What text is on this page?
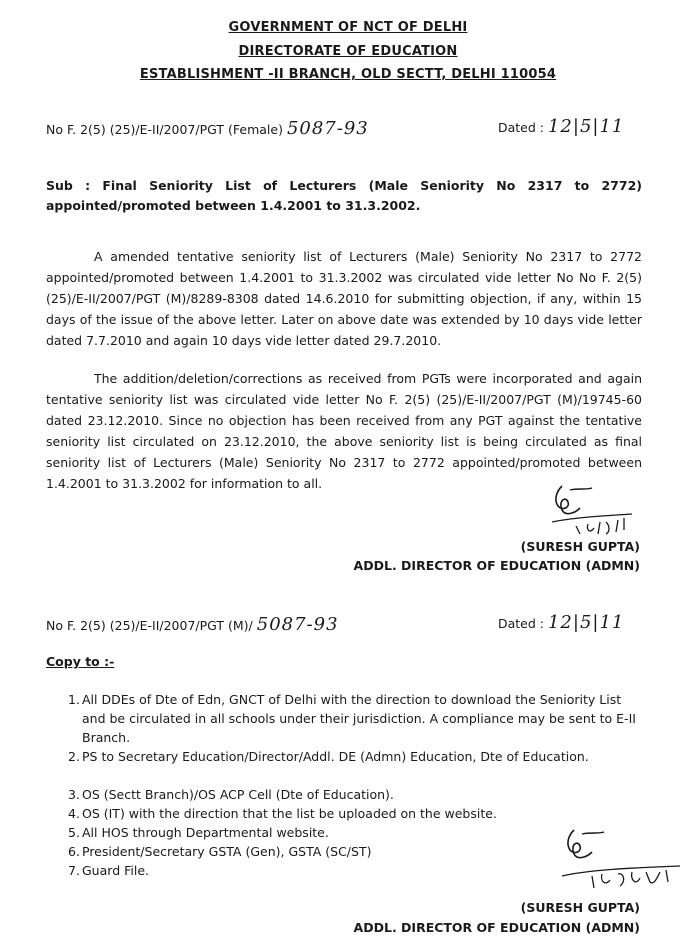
GOVERNMENT OF NCT OF DELHI
DIRECTORATE OF EDUCATION
ESTABLISHMENT -II BRANCH, OLD SECTT, DELHI 110054
No F. 2(5) (25)/E-II/2007/PGT (Female) 5087-93	Dated : 12|5|11
Sub : Final Seniority List of Lecturers (Male Seniority No 2317 to 2772) appointed/promoted between 1.4.2001 to 31.3.2002.
A amended tentative seniority list of Lecturers (Male) Seniority No 2317 to 2772 appointed/promoted between 1.4.2001 to 31.3.2002 was circulated vide letter No No F. 2(5) (25)/E-II/2007/PGT (M)/8289-8308 dated 14.6.2010 for submitting objection, if any, within 15 days of the issue of the above letter. Later on above date was extended by 10 days vide letter dated 7.7.2010 and again 10 days vide letter dated 29.7.2010.
The addition/deletion/corrections as received from PGTs were incorporated and again tentative seniority list was circulated vide letter No F. 2(5) (25)/E-II/2007/PGT (M)/19745-60 dated 23.12.2010. Since no objection has been received from any PGT against the tentative seniority list circulated on 23.12.2010, the above seniority list is being circulated as final seniority list of Lecturers (Male) Seniority No 2317 to 2772 appointed/promoted between 1.4.2001 to 31.3.2002 for information to all.
(SURESH GUPTA)
ADDL. DIRECTOR OF EDUCATION (ADMN)
No F. 2(5) (25)/E-II/2007/PGT (M)/ 5087-93	Dated : 12|5|11
Copy to :-
1. All DDEs of Dte of Edn, GNCT of Delhi with the direction to download the Seniority List and be circulated in all schools under their jurisdiction. A compliance may be sent to E-II Branch.
2. PS to Secretary Education/Director/Addl. DE (Admn) Education, Dte of Education.
3. OS (Sectt Branch)/OS ACP Cell (Dte of Education).
4. OS (IT) with the direction that the list be uploaded on the website.
5. All HOS through Departmental website.
6. President/Secretary GSTA (Gen), GSTA (SC/ST)
7. Guard File.
(SURESH GUPTA)
ADDL. DIRECTOR OF EDUCATION (ADMN)
